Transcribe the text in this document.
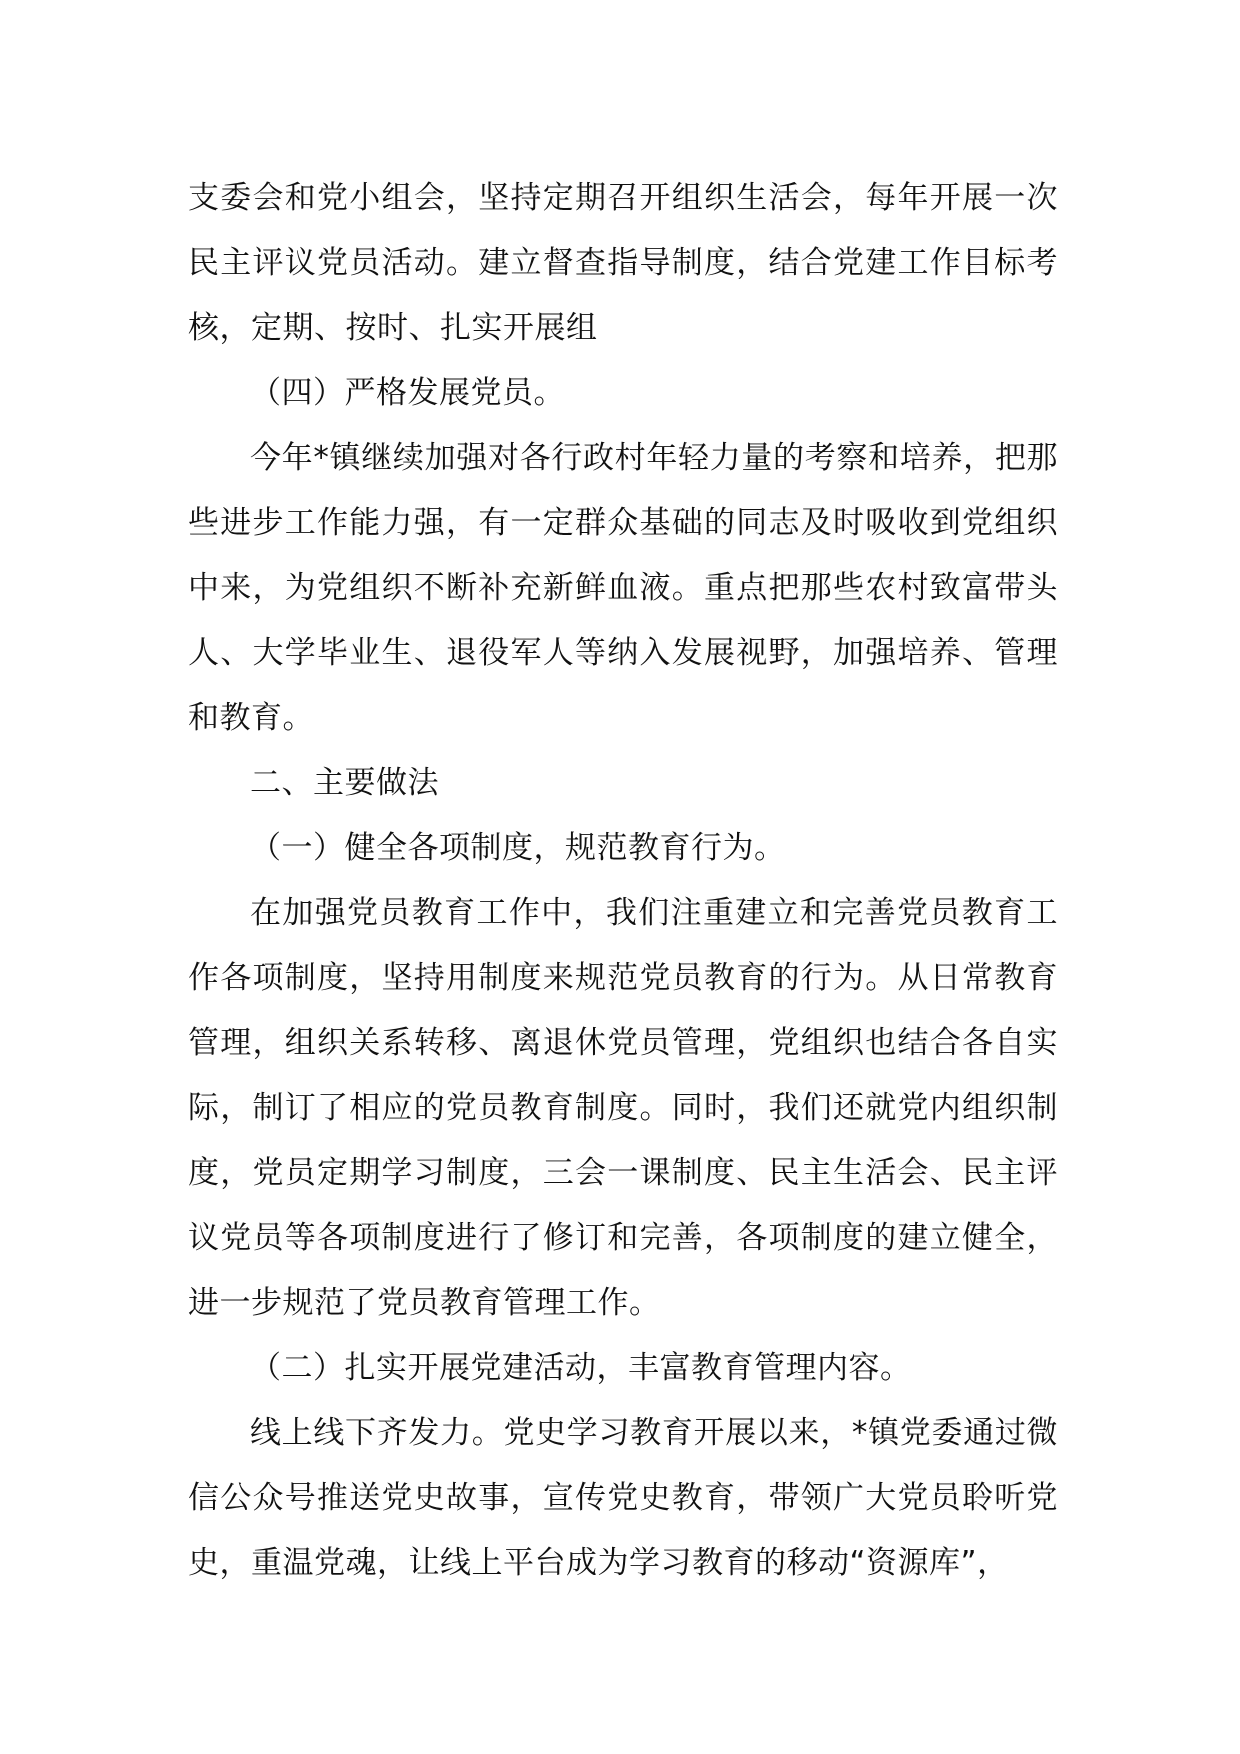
支委会和党小组会，坚持定期召开组织生活会，每年开展一次民主评议党员活动。建立督查指导制度，结合党建工作目标考核，定期、按时、扎实开展组

（四）严格发展党员。

今年*镇继续加强对各行政村年轻力量的考察和培养，把那些进步工作能力强，有一定群众基础的同志及时吸收到党组织中来，为党组织不断补充新鲜血液。重点把那些农村致富带头人、大学毕业生、退役军人等纳入发展视野，加强培养、管理和教育。

二、主要做法

（一）健全各项制度，规范教育行为。

在加强党员教育工作中，我们注重建立和完善党员教育工作各项制度，坚持用制度来规范党员教育的行为。从日常教育管理，组织关系转移、离退休党员管理，党组织也结合各自实际，制订了相应的党员教育制度。同时，我们还就党内组织制度，党员定期学习制度，三会一课制度、民主生活会、民主评议党员等各项制度进行了修订和完善，各项制度的建立健全，进一步规范了党员教育管理工作。

（二）扎实开展党建活动，丰富教育管理内容。

线上线下齐发力。党史学习教育开展以来，*镇党委通过微信公众号推送党史故事，宣传党史教育，带领广大党员聆听党史，重温党魂，让线上平台成为学习教育的移动“资源库”，
